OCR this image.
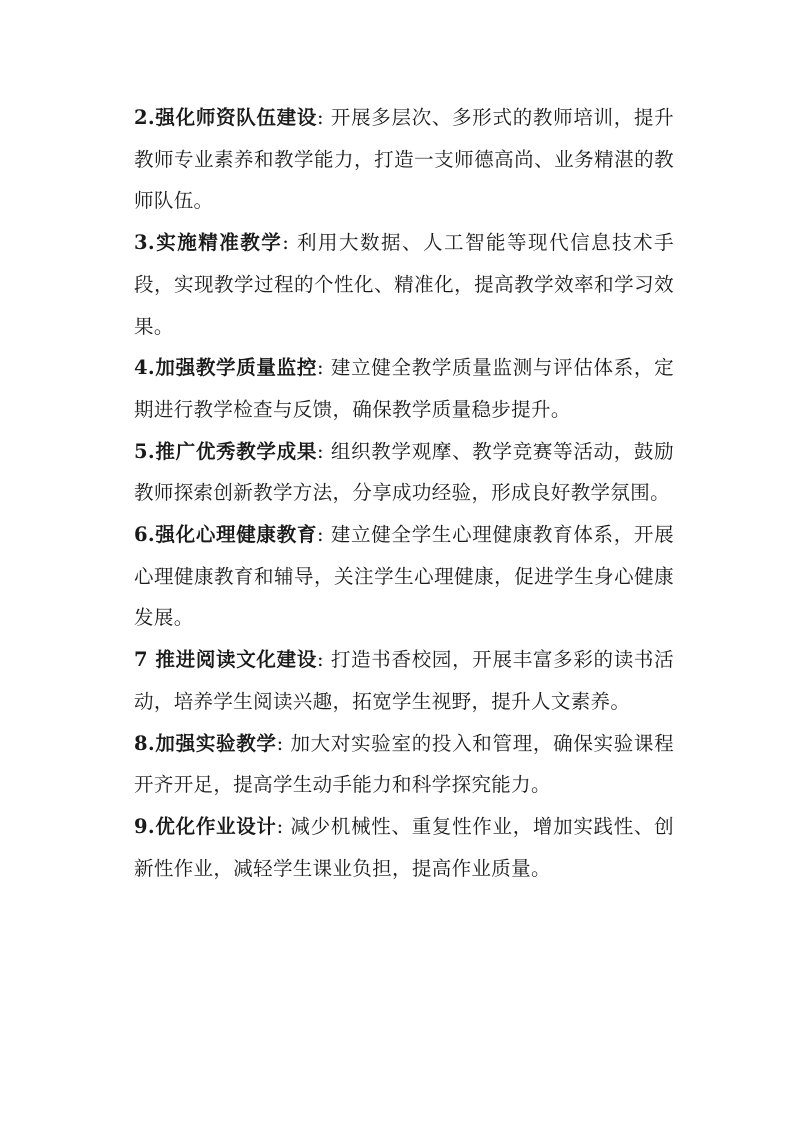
2.强化师资队伍建设: 开展多层次、多形式的教师培训，提升教师专业素养和教学能力，打造一支师德高尚、业务精湛的教师队伍。

3.实施精准教学: 利用大数据、人工智能等现代信息技术手段，实现教学过程的个性化、精准化，提高教学效率和学习效果。

4.加强教学质量监控: 建立健全教学质量监测与评估体系，定期进行教学检查与反馈，确保教学质量稳步提升。

5.推广优秀教学成果: 组织教学观摩、教学竞赛等活动，鼓励教师探索创新教学方法，分享成功经验，形成良好教学氛围。

6.强化心理健康教育: 建立健全学生心理健康教育体系，开展心理健康教育和辅导，关注学生心理健康，促进学生身心健康发展。

7 推进阅读文化建设: 打造书香校园，开展丰富多彩的读书活动，培养学生阅读兴趣，拓宽学生视野，提升人文素养。

8.加强实验教学: 加大对实验室的投入和管理，确保实验课程开齐开足，提高学生动手能力和科学探究能力。

9.优化作业设计: 减少机械性、重复性作业，增加实践性、创新性作业，减轻学生课业负担，提高作业质量。
